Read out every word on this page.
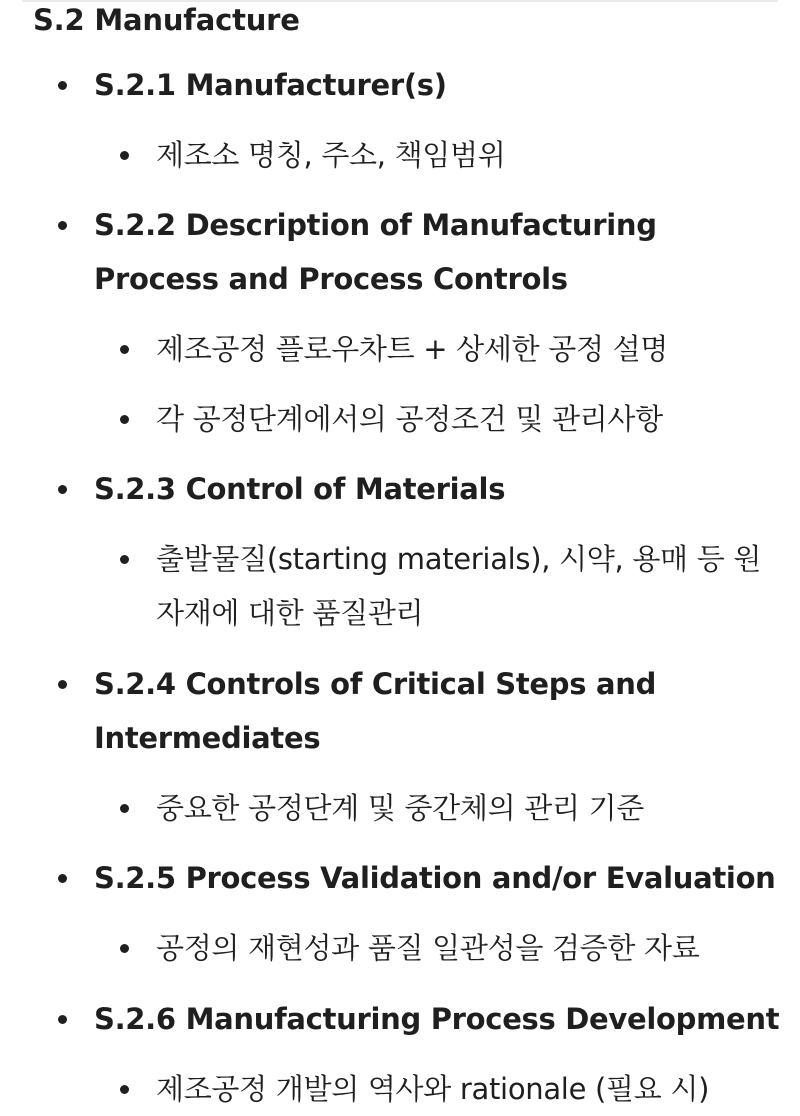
S.2 Manufacture
S.2.1 Manufacturer(s)
제조소 명칭, 주소, 책임범위
S.2.2 Description of Manufacturing Process and Process Controls
제조공정 플로우차트 + 상세한 공정 설명
각 공정단계에서의 공정조건 및 관리사항
S.2.3 Control of Materials
출발물질(starting materials), 시약, 용매 등 원자재에 대한 품질관리
S.2.4 Controls of Critical Steps and Intermediates
중요한 공정단계 및 중간체의 관리 기준
S.2.5 Process Validation and/or Evaluation
공정의 재현성과 품질 일관성을 검증한 자료
S.2.6 Manufacturing Process Development
제조공정 개발의 역사와 rationale (필요 시)
